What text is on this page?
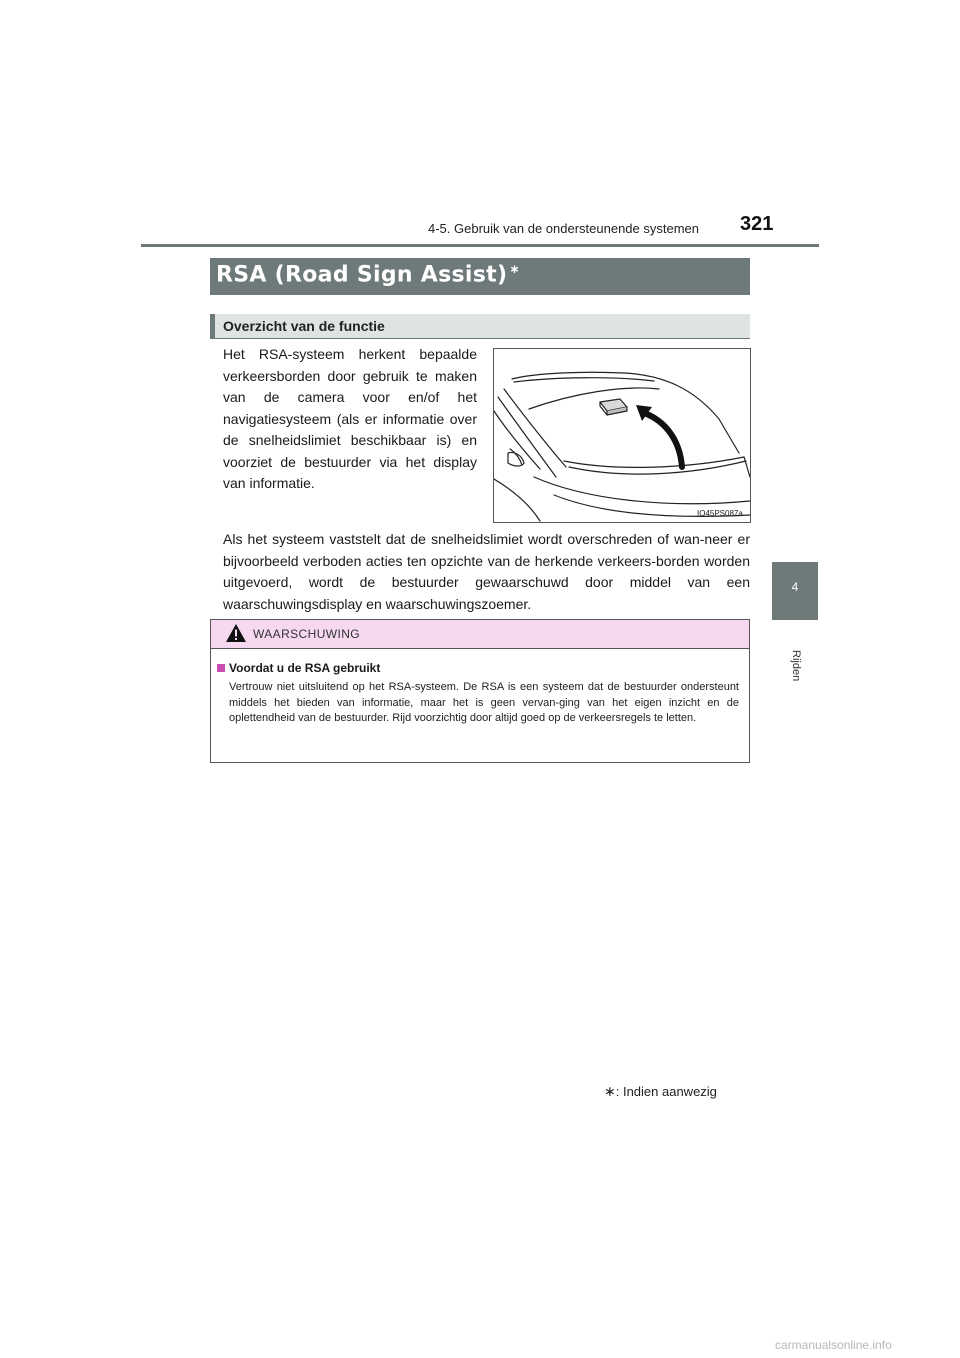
4-5. Gebruik van de ondersteunende systemen 321
4
Rijden
RSA (Road Sign Assist) ∗
Overzicht van de functie
Het RSA-systeem herkent bepaalde verkeersborden door gebruik te maken van de camera voor en/of het navigatiesysteem (als er informatie over de snelheidslimiet beschikbaar is) en voorziet de bestuurder via het display van informatie.
IO45PS087a
Als het systeem vaststelt dat de snelheidslimiet wordt overschreden of wan-neer er bijvoorbeeld verboden acties ten opzichte van de herkende verkeers-borden worden uitgevoerd, wordt de bestuurder gewaarschuwd door middel van een waarschuwingsdisplay en waarschuwingszoemer.
WAARSCHUWING
Voordat u de RSA gebruikt
Vertrouw niet uitsluitend op het RSA-systeem. De RSA is een systeem dat de bestuurder ondersteunt middels het bieden van informatie, maar het is geen vervan-ging van het eigen inzicht en de oplettendheid van de bestuurder. Rijd voorzichtig door altijd goed op de verkeersregels te letten.
∗: Indien aanwezig
carmanualsonline.info
